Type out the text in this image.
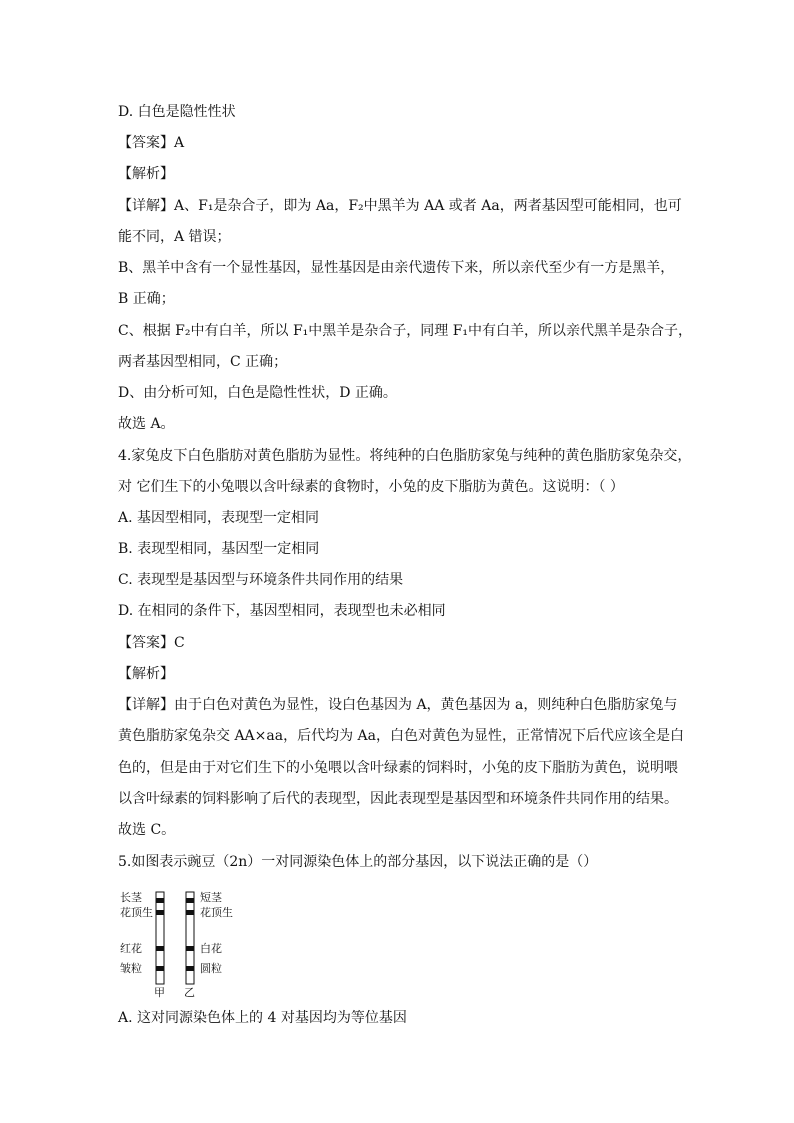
D. 白色是隐性性状
【答案】A
【解析】
【详解】A、F₁是杂合子，即为 Aa，F₂中黑羊为 AA 或者 Aa，两者基因型可能相同，也可
能不同，A 错误；
B、黑羊中含有一个显性基因，显性基因是由亲代遗传下来，所以亲代至少有一方是黑羊，
B 正确；
C、根据 F₂中有白羊，所以 F₁中黑羊是杂合子，同理 F₁中有白羊，所以亲代黑羊是杂合子，
两者基因型相同，C 正确；
D、由分析可知，白色是隐性性状，D 正确。
故选 A。
4.家兔皮下白色脂肪对黄色脂肪为显性。将纯种的白色脂肪家兔与纯种的黄色脂肪家兔杂交，
对 它们生下的小兔喂以含叶绿素的食物时，小兔的皮下脂肪为黄色。这说明：（ ）
A. 基因型相同，表现型一定相同
B. 表现型相同，基因型一定相同
C. 表现型是基因型与环境条件共同作用的结果
D. 在相同的条件下，基因型相同，表现型也未必相同
【答案】C
【解析】
【详解】由于白色对黄色为显性，设白色基因为 A，黄色基因为 a，则纯种白色脂肪家兔与
黄色脂肪家兔杂交 AA×aa，后代均为 Aa，白色对黄色为显性，正常情况下后代应该全是白
色的，但是由于对它们生下的小兔喂以含叶绿素的饲料时，小兔的皮下脂肪为黄色，说明喂
以含叶绿素的饲料影响了后代的表现型，因此表现型是基因型和环境条件共同作用的结果。
故选 C。
5.如图表示豌豆（2n）一对同源染色体上的部分基因，以下说法正确的是（）
长茎
花顶生
红花
皱粒
短茎
花顶生
白花
圆粒
甲 乙
A. 这对同源染色体上的 4 对基因均为等位基因
